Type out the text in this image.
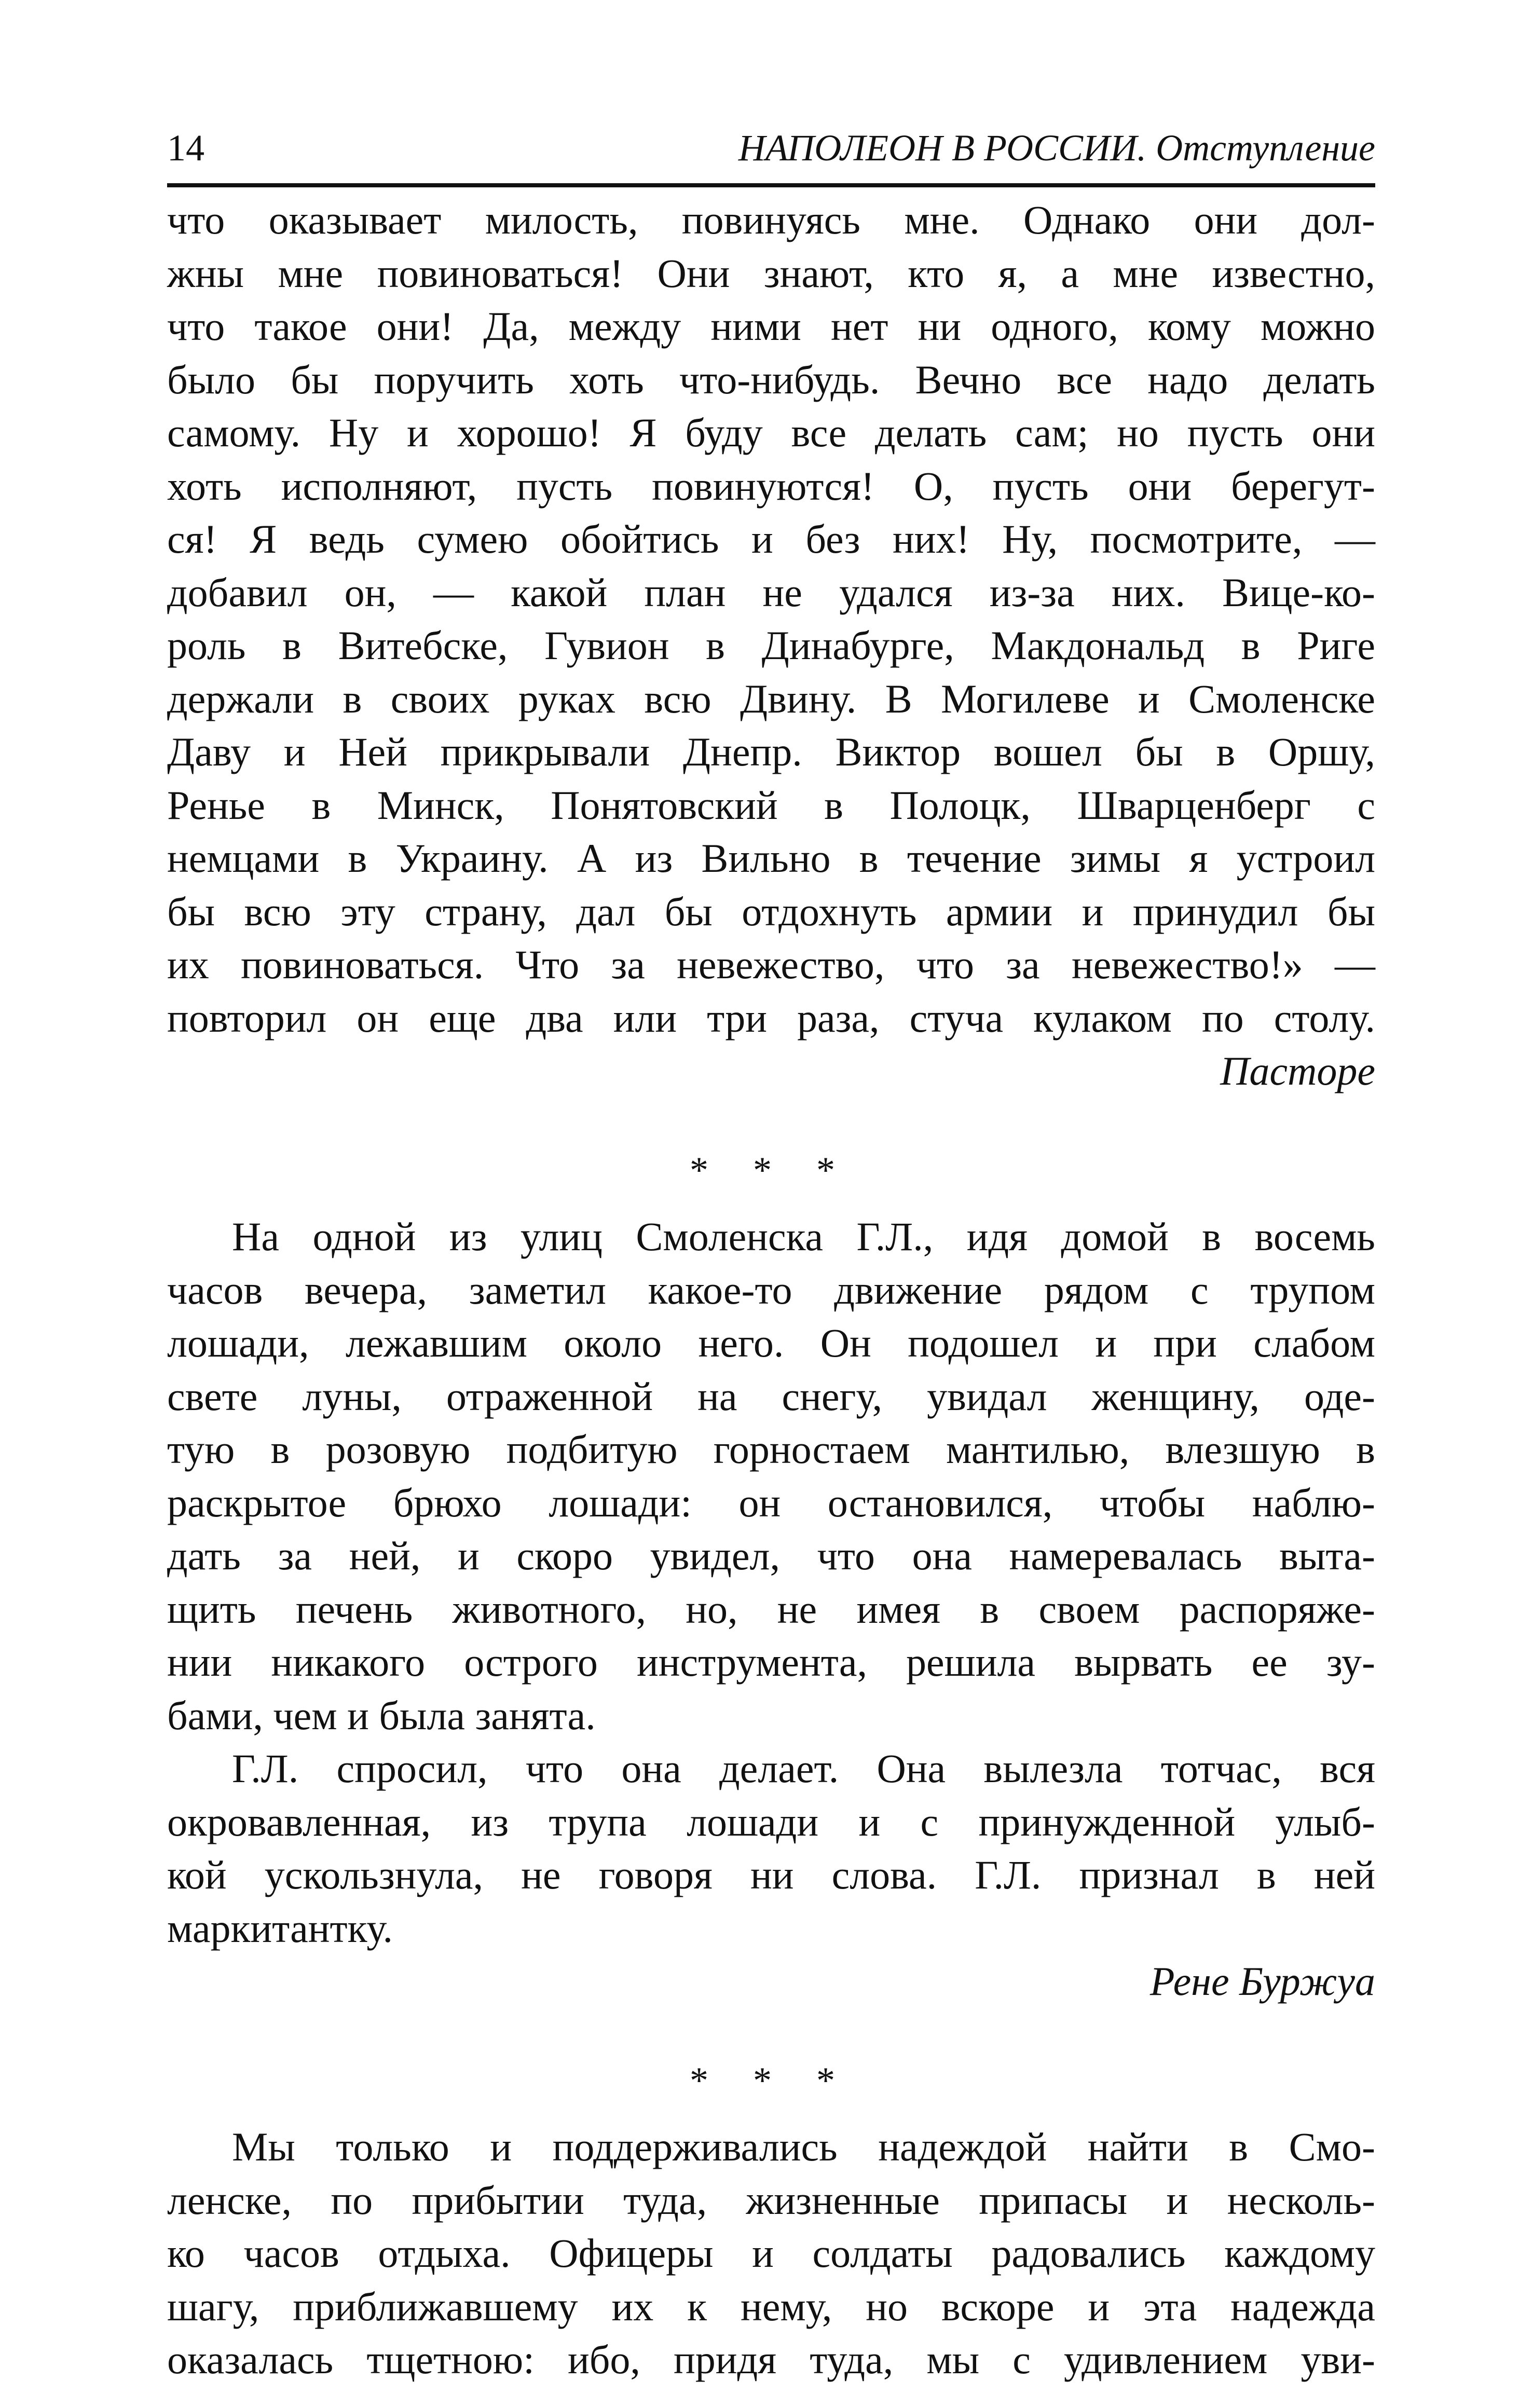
14	НАПОЛЕОН В РОССИИ. Отступление
что оказывает милость, повинуясь мне. Однако они дол-
жны мне повиноваться! Они знают, кто я, а мне известно,
что такое они! Да, между ними нет ни одного, кому можно
было бы поручить хоть что-нибудь. Вечно все надо делать
самому. Ну и хорошо! Я буду все делать сам; но пусть они
хоть исполняют, пусть повинуются! О, пусть они берегут-
ся! Я ведь сумею обойтись и без них! Ну, посмотрите, —
добавил он, — какой план не удался из-за них. Вице-ко-
роль в Витебске, Гувион в Динабурге, Макдональд в Риге
держали в своих руках всю Двину. В Могилеве и Смоленске
Даву и Ней прикрывали Днепр. Виктор вошел бы в Оршу,
Ренье в Минск, Понятовский в Полоцк, Шварценберг с
немцами в Украину. А из Вильно в течение зимы я устроил
бы всю эту страну, дал бы отдохнуть армии и принудил бы
их повиноваться. Что за невежество, что за невежество!» —
повторил он еще два или три раза, стуча кулаком по столу.
Пасторе
* * *
На одной из улиц Смоленска Г.Л., идя домой в восемь
часов вечера, заметил какое-то движение рядом с трупом
лошади, лежавшим около него. Он подошел и при слабом
свете луны, отраженной на снегу, увидал женщину, оде-
тую в розовую подбитую горностаем мантилью, влезшую в
раскрытое брюхо лошади: он остановился, чтобы наблю-
дать за ней, и скоро увидел, что она намеревалась выта-
щить печень животного, но, не имея в своем распоряже-
нии никакого острого инструмента, решила вырвать ее зу-
бами, чем и была занята.
Г.Л. спросил, что она делает. Она вылезла тотчас, вся
окровавленная, из трупа лошади и с принужденной улыб-
кой ускользнула, не говоря ни слова. Г.Л. признал в ней
маркитантку.
Рене Буржуа
* * *
Мы только и поддерживались надеждой найти в Смо-
ленске, по прибытии туда, жизненные припасы и несколь-
ко часов отдыха. Офицеры и солдаты радовались каждому
шагу, приближавшему их к нему, но вскоре и эта надежда
оказалась тщетною: ибо, придя туда, мы с удивлением уви-
